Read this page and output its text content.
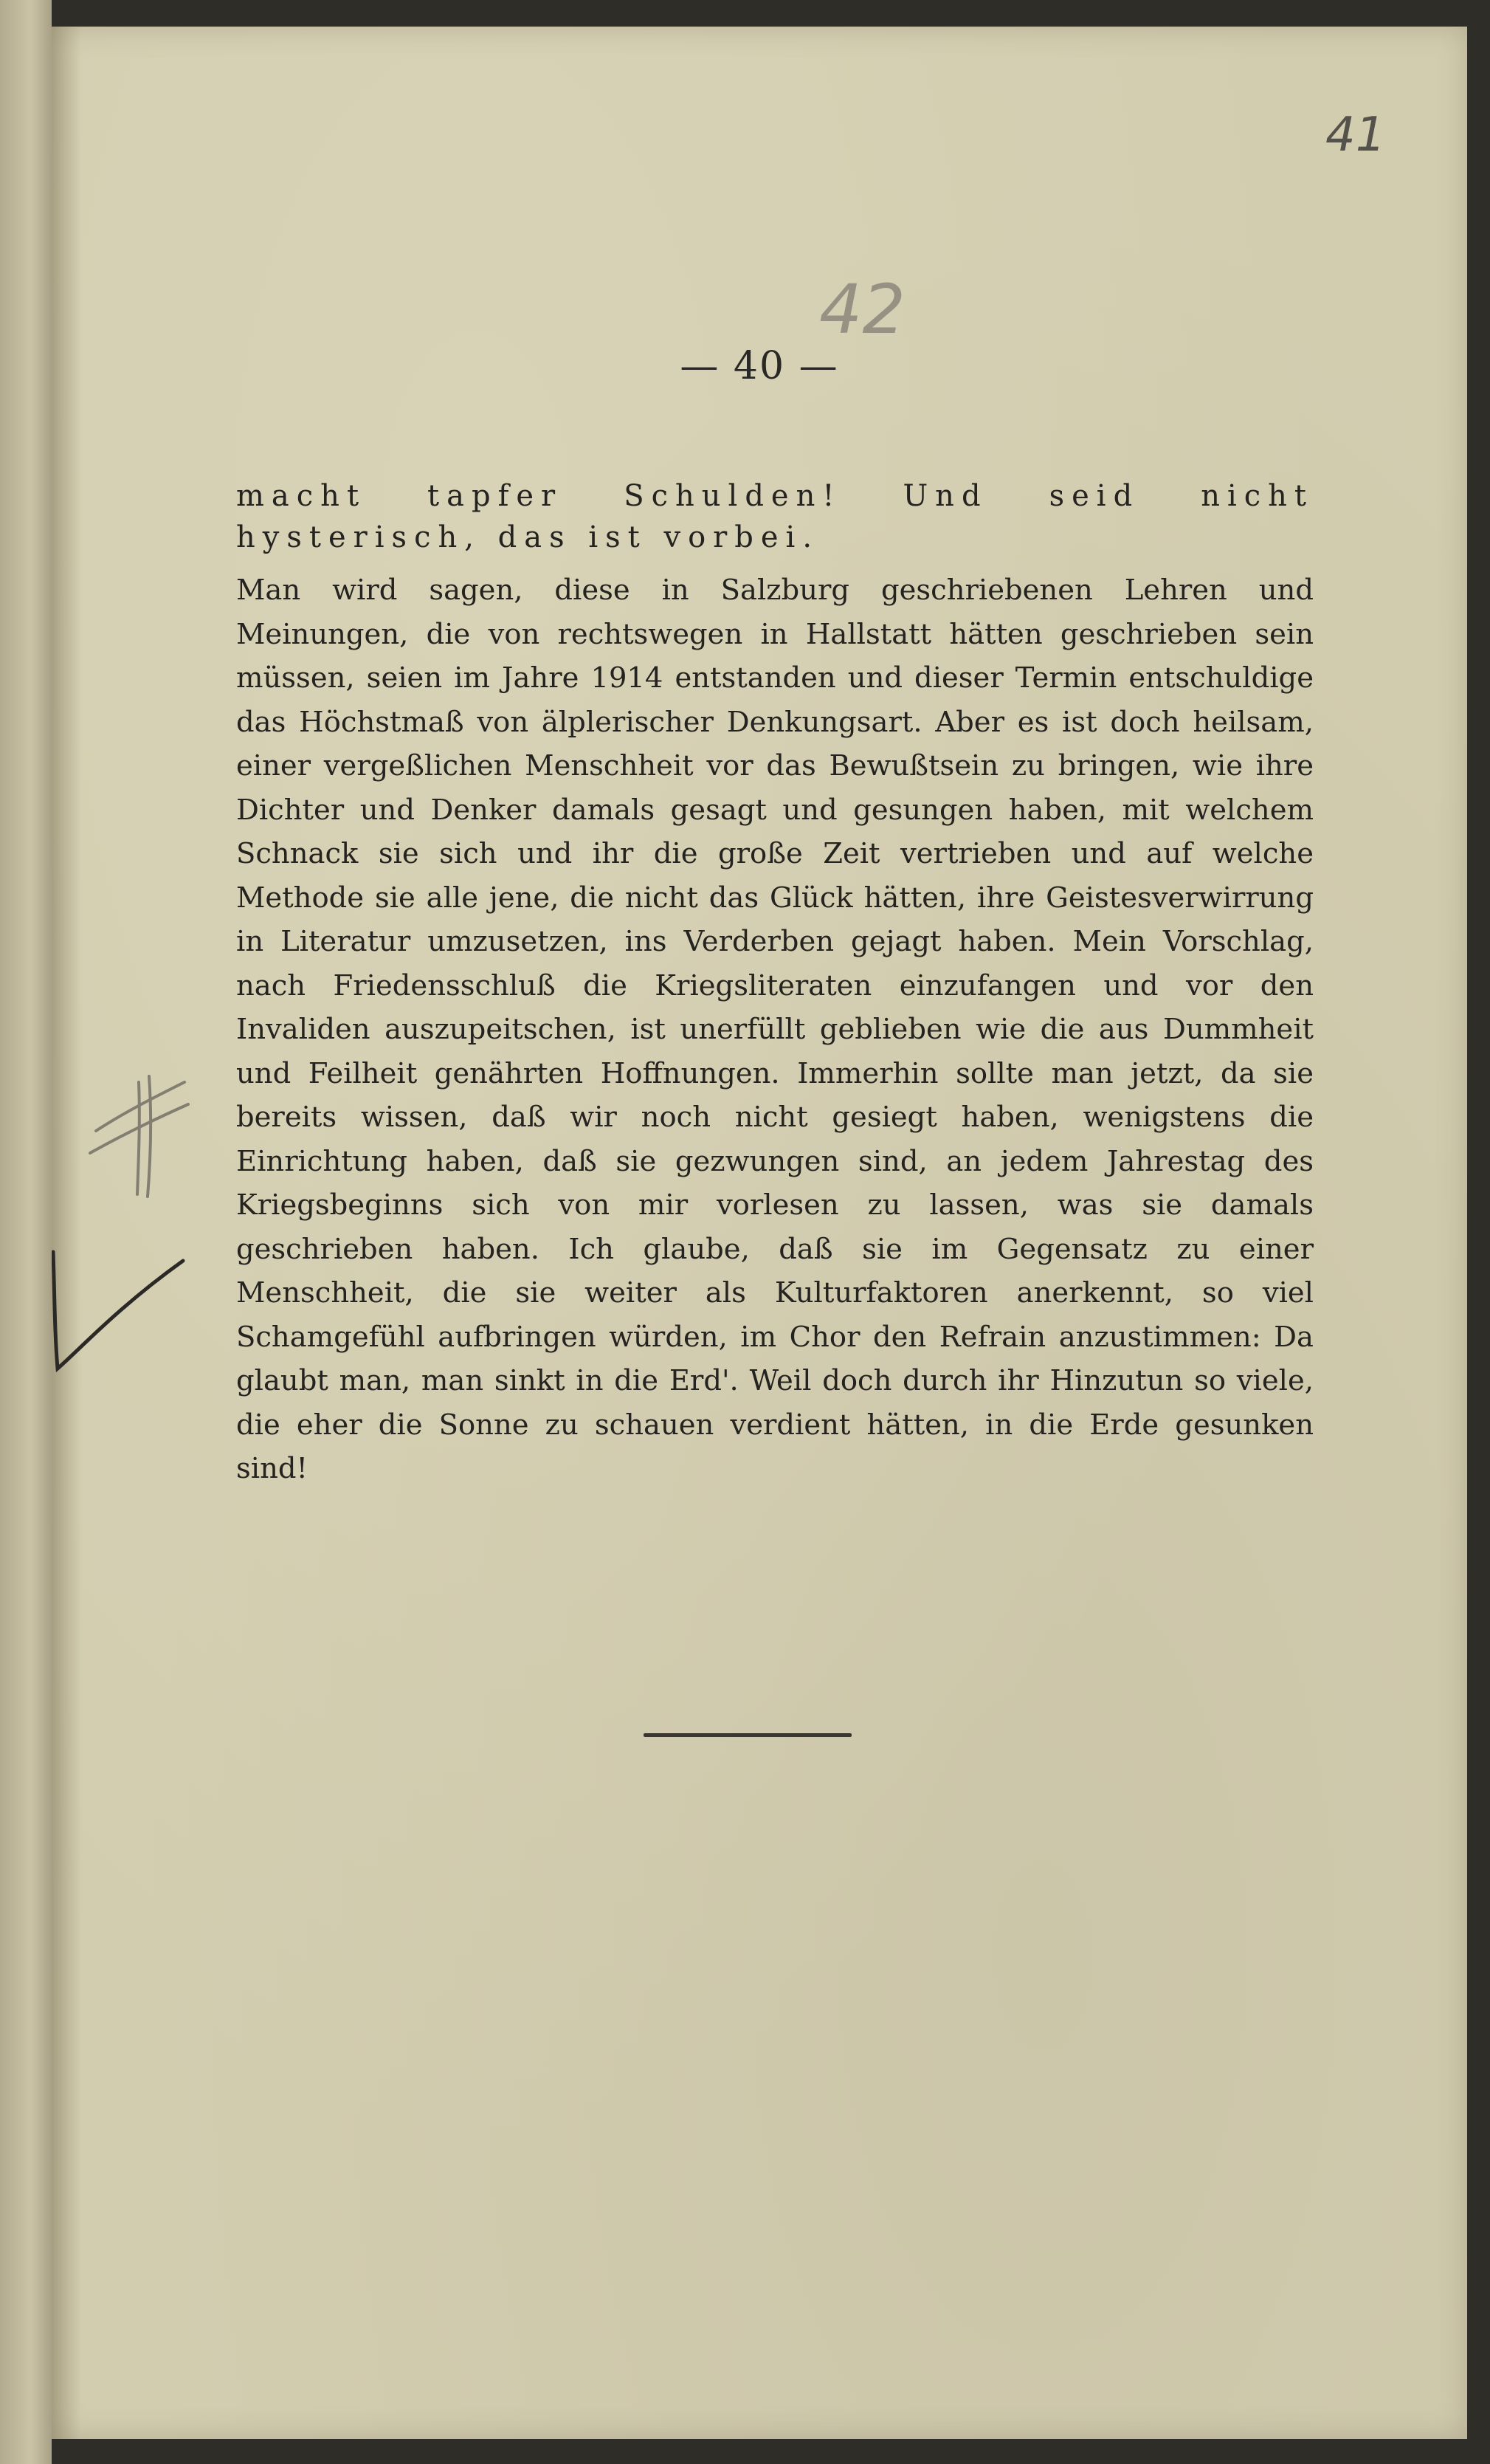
41
42
— 40 —

macht tapfer Schulden! Und seid nicht hysterisch, das ist vorbei.

Man wird sagen, diese in Salzburg geschriebenen Lehren und Meinungen, die von rechtswegen in Hallstatt hätten geschrieben sein müssen, seien im Jahre 1914 entstanden und dieser Termin entschuldige das Höchstmaß von älplerischer Denkungsart. Aber es ist doch heilsam, einer vergeßlichen Menschheit vor das Bewußtsein zu bringen, wie ihre Dichter und Denker damals gesagt und gesungen haben, mit welchem Schnack sie sich und ihr die große Zeit vertrieben und auf welche Methode sie alle jene, die nicht das Glück hätten, ihre Geistesverwirrung in Literatur umzusetzen, ins Verderben gejagt haben. Mein Vorschlag, nach Friedensschluß die Kriegsliteraten einzufangen und vor den Invaliden auszupeitschen, ist unerfüllt geblieben wie die aus Dummheit und Feilheit genährten Hoffnungen. Immerhin sollte man jetzt, da sie bereits wissen, daß wir noch nicht gesiegt haben, wenigstens die Einrichtung haben, daß sie gezwungen sind, an jedem Jahrestag des Kriegsbeginns sich von mir vorlesen zu lassen, was sie damals geschrieben haben. Ich glaube, daß sie im Gegensatz zu einer Menschheit, die sie weiter als Kulturfaktoren anerkennt, so viel Schamgefühl aufbringen würden, im Chor den Refrain anzustimmen: Da glaubt man, man sinkt in die Erd'. Weil doch durch ihr Hinzutun so viele, die eher die Sonne zu schauen verdient hätten, in die Erde gesunken sind!
